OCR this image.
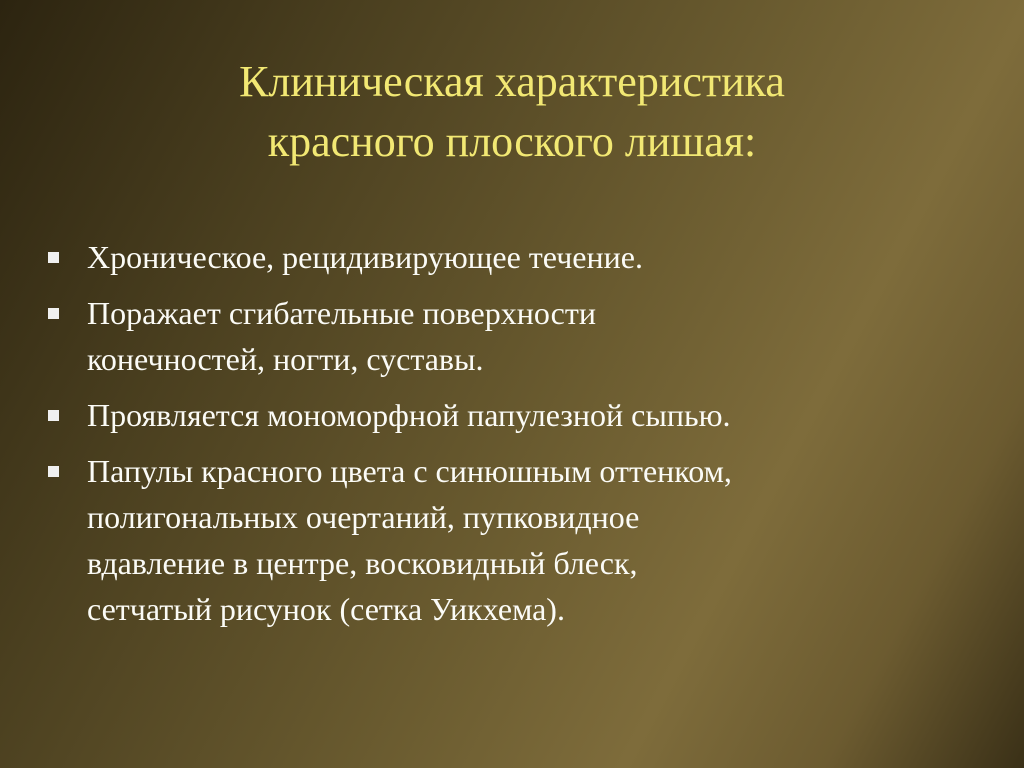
Клиническая характеристика
красного плоского лишая:
Хроническое, рецидивирующее течение.
Поражает сгибательные поверхности
конечностей, ногти, суставы.
Проявляется мономорфной папулезной сыпью.
Папулы красного цвета с синюшным оттенком,
полигональных очертаний, пупковидное
вдавление в центре, восковидный блеск,
сетчатый рисунок (сетка Уикхема).
